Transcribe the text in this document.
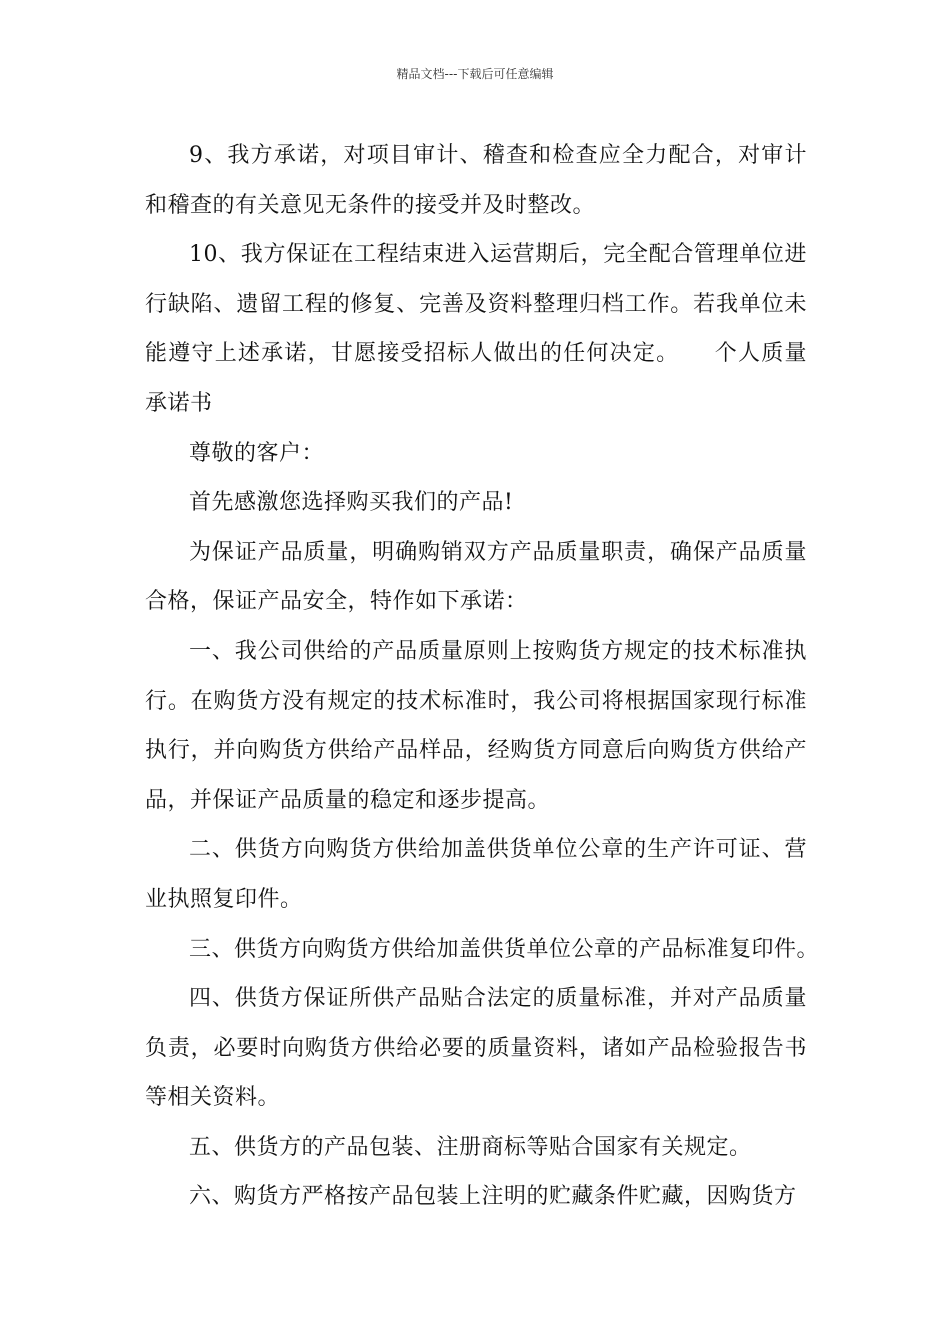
精品文档---下载后可任意编辑

9、我方承诺，对项目审计、稽查和检查应全力配合，对审计和稽查的有关意见无条件的接受并及时整改。

10、我方保证在工程结束进入运营期后，完全配合管理单位进行缺陷、遗留工程的修复、完善及资料整理归档工作。若我单位未能遵守上述承诺，甘愿接受招标人做出的任何决定。　　个人质量承诺书

尊敬的客户：

首先感激您选择购买我们的产品!

为保证产品质量，明确购销双方产品质量职责，确保产品质量合格，保证产品安全，特作如下承诺：

一、我公司供给的产品质量原则上按购货方规定的技术标准执行。在购货方没有规定的技术标准时，我公司将根据国家现行标准执行，并向购货方供给产品样品，经购货方同意后向购货方供给产品，并保证产品质量的稳定和逐步提高。

二、供货方向购货方供给加盖供货单位公章的生产许可证、营业执照复印件。

三、供货方向购货方供给加盖供货单位公章的产品标准复印件。

四、供货方保证所供产品贴合法定的质量标准，并对产品质量负责，必要时向购货方供给必要的质量资料，诸如产品检验报告书等相关资料。

五、供货方的产品包装、注册商标等贴合国家有关规定。

六、购货方严格按产品包装上注明的贮藏条件贮藏，因购货方
